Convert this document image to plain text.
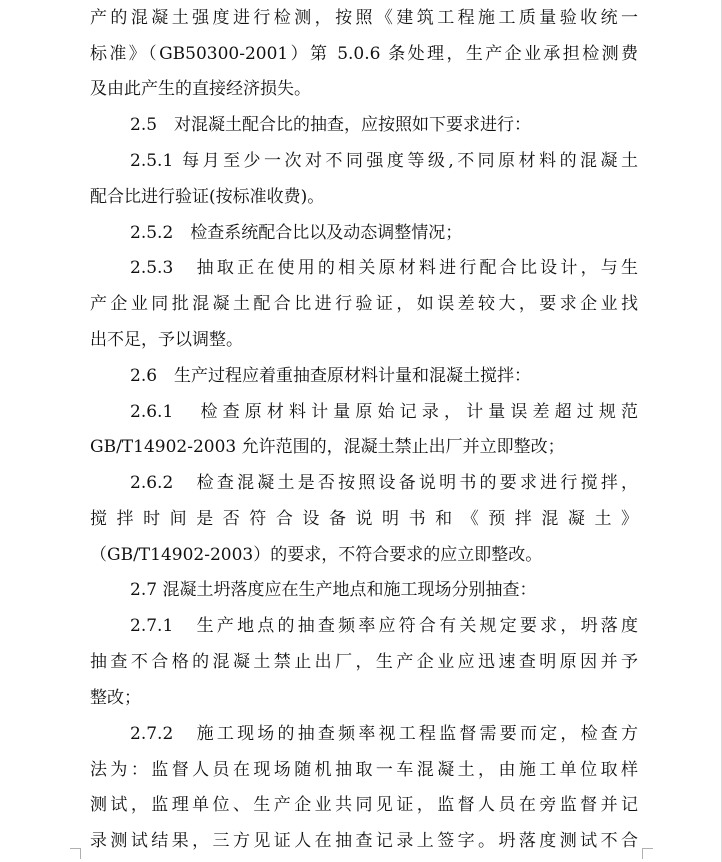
产的混凝土强度进行检测，按照《建筑工程施工质量验收统一
标准》（GB50300-2001）第 5.0.6 条处理，生产企业承担检测费
及由此产生的直接经济损失。
2.5　对混凝土配合比的抽查，应按照如下要求进行：
2.5.1 每月至少一次对不同强度等级,不同原材料的混凝土
配合比进行验证(按标准收费)。
2.5.2　检查系统配合比以及动态调整情况；
2.5.3　抽取正在使用的相关原材料进行配合比设计，与生
产企业同批混凝土配合比进行验证，如误差较大，要求企业找
出不足，予以调整。
2.6　生产过程应着重抽查原材料计量和混凝土搅拌：
2.6.1　检查原材料计量原始记录，计量误差超过规范
GB/T14902-2003 允许范围的，混凝土禁止出厂并立即整改；
2.6.2　检查混凝土是否按照设备说明书的要求进行搅拌，
搅拌时间是否符合设备说明书和《预拌混凝土》
（GB/T14902-2003）的要求，不符合要求的应立即整改。
2.7 混凝土坍落度应在生产地点和施工现场分别抽查：
2.7.1　生产地点的抽查频率应符合有关规定要求，坍落度
抽查不合格的混凝土禁止出厂，生产企业应迅速查明原因并予
整改；
2.7.2　施工现场的抽查频率视工程监督需要而定，检查方
法为：监督人员在现场随机抽取一车混凝土，由施工单位取样
测试，监理单位、生产企业共同见证，监督人员在旁监督并记
录测试结果，三方见证人在抽查记录上签字。坍落度测试不合
